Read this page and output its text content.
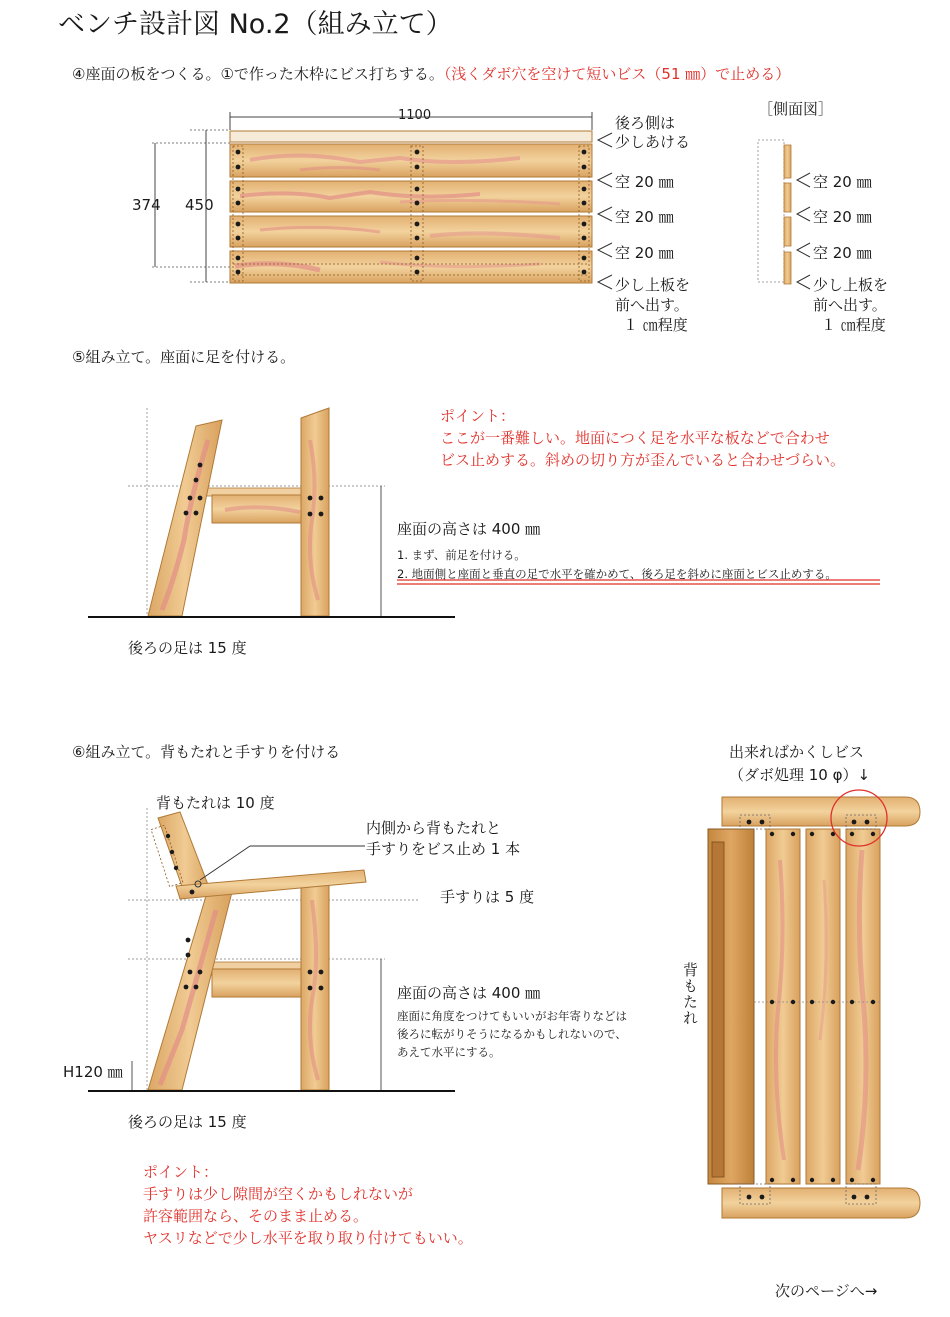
ベンチ設計図 No.2（組み立て）
④座面の板をつくる。①で作った木枠にビス打ちする。（浅くダボ穴を空けて短いビス（51 ㎜）で止める）
1100
374 450
［側面図］
後ろ側は
少しあける
空 20 ㎜
空 20 ㎜
空 20 ㎜
少し上板を
前へ出す。
１ ㎝程度
空 20 ㎜
空 20 ㎜
空 20 ㎜
少し上板を
前へ出す。
１ ㎝程度
⑤組み立て。座面に足を付ける。
ポイント：
ここが一番難しい。地面につく足を水平な板などで合わせ
ビス止めする。斜めの切り方が歪んでいると合わせづらい。
座面の高さは 400 ㎜
1. まず、前足を付ける。
2. 地面側と座面と垂直の足で水平を確かめて、後ろ足を斜めに座面とビス止めする。
後ろの足は 15 度
⑥組み立て。背もたれと手すりを付ける
背もたれは 10 度
内側から背もたれと
手すりをビス止め 1 本
手すりは 5 度
座面の高さは 400 ㎜
座面に角度をつけてもいいがお年寄りなどは
後ろに転がりそうになるかもしれないので、
あえて水平にする。
H120 ㎜
後ろの足は 15 度
ポイント：
手すりは少し隙間が空くかもしれないが
許容範囲なら、そのまま止める。
ヤスリなどで少し水平を取り取り付けてもいい。
出来ればかくしビス
（ダボ処理 10 φ）↓
背もたれ
次のページへ→
